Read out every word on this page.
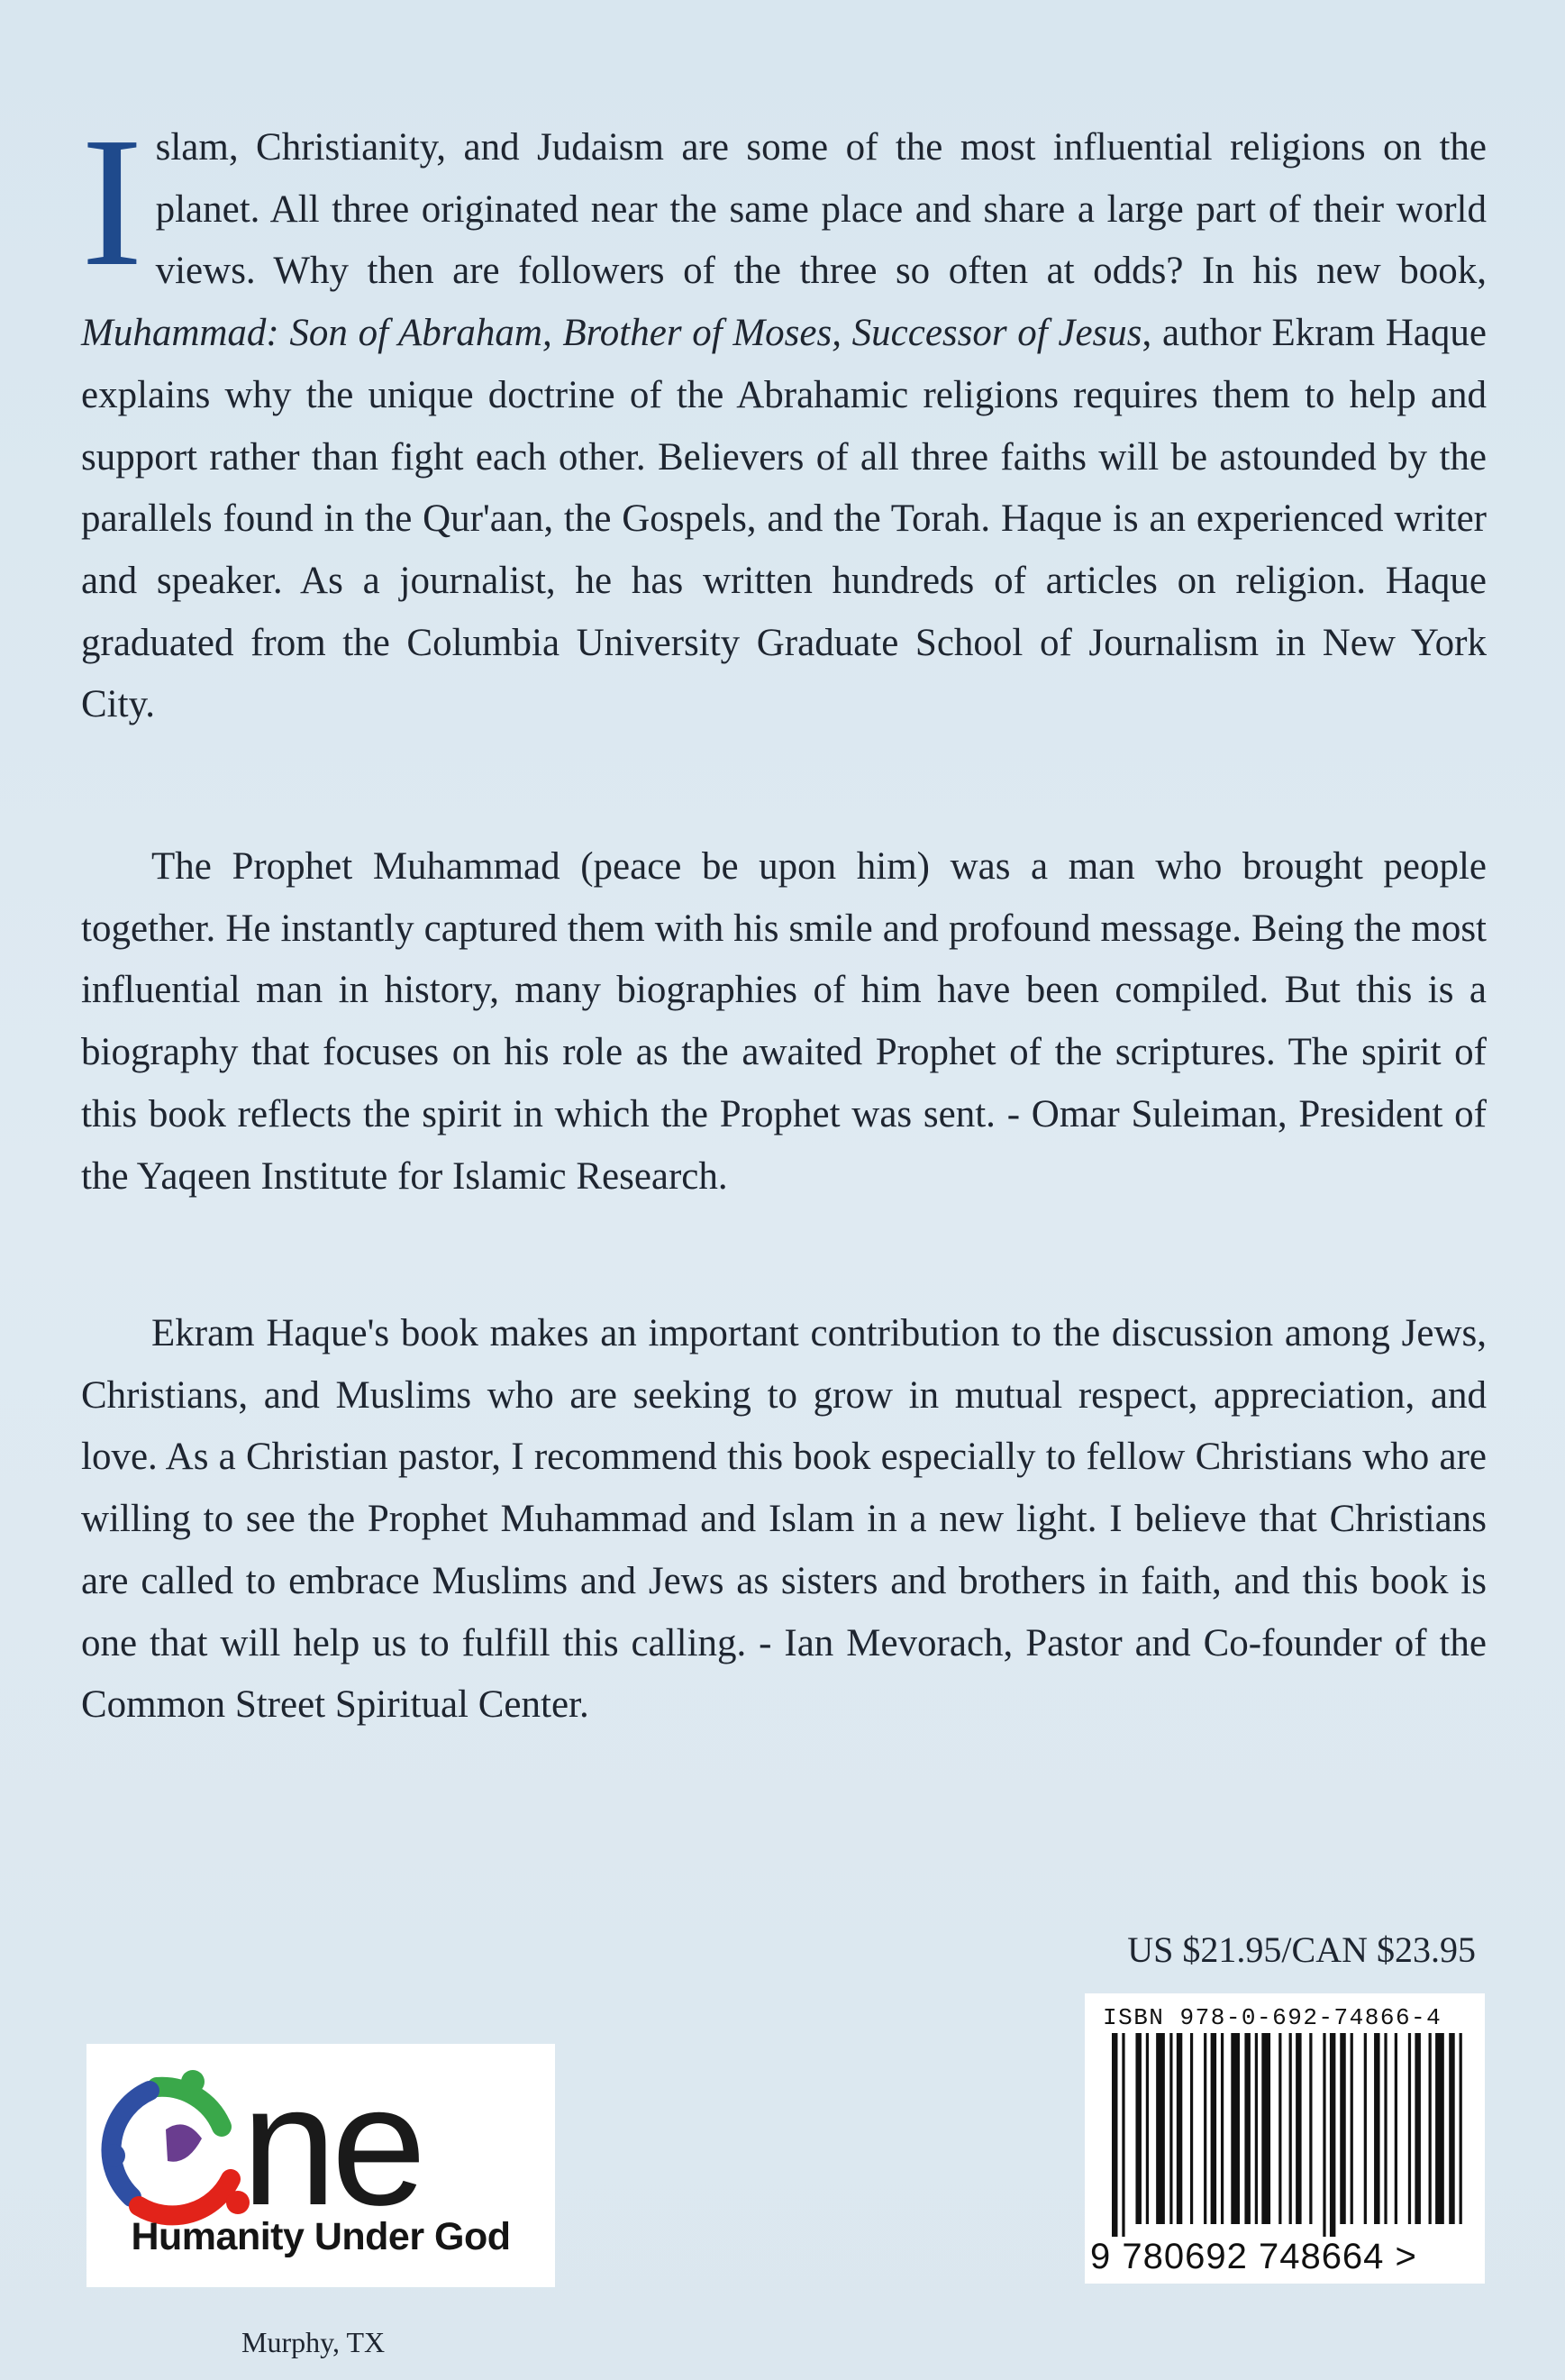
Islam, Christianity, and Judaism are some of the most influential religions on the planet. All three originated near the same place and share a large part of their world views. Why then are followers of the three so often at odds? In his new book, Muhammad: Son of Abraham, Brother of Moses, Successor of Jesus, author Ekram Haque explains why the unique doctrine of the Abrahamic religions requires them to help and support rather than fight each other. Believers of all three faiths will be astounded by the parallels found in the Qur'aan, the Gospels, and the Torah. Haque is an experienced writer and speaker. As a journalist, he has written hundreds of articles on religion. Haque graduated from the Columbia University Graduate School of Journalism in New York City.

The Prophet Muhammad (peace be upon him) was a man who brought people together. He instantly captured them with his smile and profound message. Being the most influential man in history, many biographies of him have been compiled. But this is a biography that focuses on his role as the awaited Prophet of the scriptures. The spirit of this book reflects the spirit in which the Prophet was sent. - Omar Suleiman, President of the Yaqeen Institute for Islamic Research.

Ekram Haque's book makes an important contribution to the discussion among Jews, Christians, and Muslims who are seeking to grow in mutual respect, appreciation, and love. As a Christian pastor, I recommend this book especially to fellow Christians who are willing to see the Prophet Muhammad and Islam in a new light. I believe that Christians are called to embrace Muslims and Jews as sisters and brothers in faith, and this book is one that will help us to fulfill this calling. - Ian Mevorach, Pastor and Co-founder of the Common Street Spiritual Center.

US $21.95/CAN $23.95
ne
Humanity Under God
Murphy, TX
ISBN 978-0-692-74866-4
9 780692 748664 >
